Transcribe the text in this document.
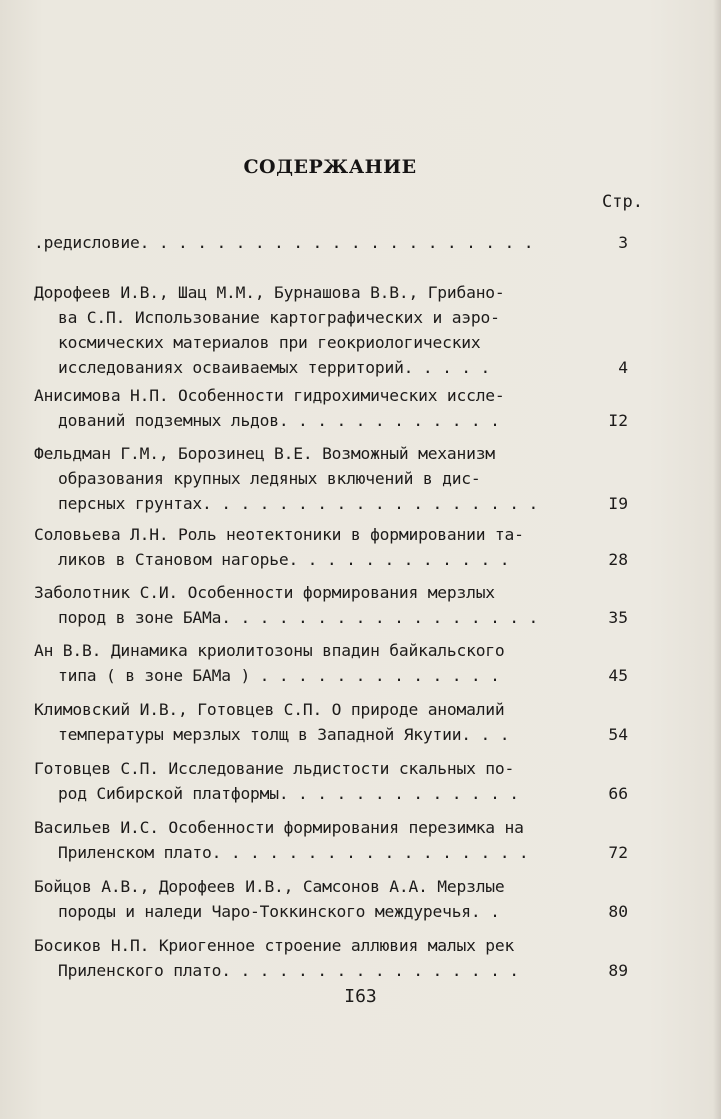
СОДЕРЖАНИЕ
Стр.
.редисловие. . . . . . . . . . . . . . . . . . . . .	3
Дорофеев И.В., Шац М.М., Бурнашова В.В., Грибано-
ва С.П. Использование картографических и аэро-
космических материалов при геокриологических
исследованиях осваиваемых территорий. . . . .	4
Анисимова Н.П. Особенности гидрохимических иссле-
дований подземных льдов. . . . . . . . . . . .	I2
Фельдман Г.М., Борозинец В.Е. Возможный механизм
образования крупных ледяных включений в дис-
персных грунтах. . . . . . . . . . . . . . . . . .	I9
Соловьева Л.Н. Роль неотектоники в формировании та-
ликов в Становом нагорье. . . . . . . . . . . .	28
Заболотник С.И. Особенности формирования мерзлых
пород в зоне БАМа. . . . . . . . . . . . . . . . .	35
Ан В.В. Динамика криолитозоны впадин байкальского
типа ( в зоне БАМа ) . . . . . . . . . . . . .	45
Климовский И.В., Готовцев С.П. О природе аномалий
температуры мерзлых толщ в Западной Якутии. . .	54
Готовцев С.П. Исследование льдистости скальных по-
род Сибирской платформы. . . . . . . . . . . . .	66
Васильев И.С. Особенности формирования перезимка на
Приленском плато. . . . . . . . . . . . . . . . .	72
Бойцов А.В., Дорофеев И.В., Самсонов А.А. Мерзлые
породы и наледи Чаро-Токкинского междуречья. .	80
Босиков Н.П. Криогенное строение аллювия малых рек
Приленского плато. . . . . . . . . . . . . . . .	89
I63
